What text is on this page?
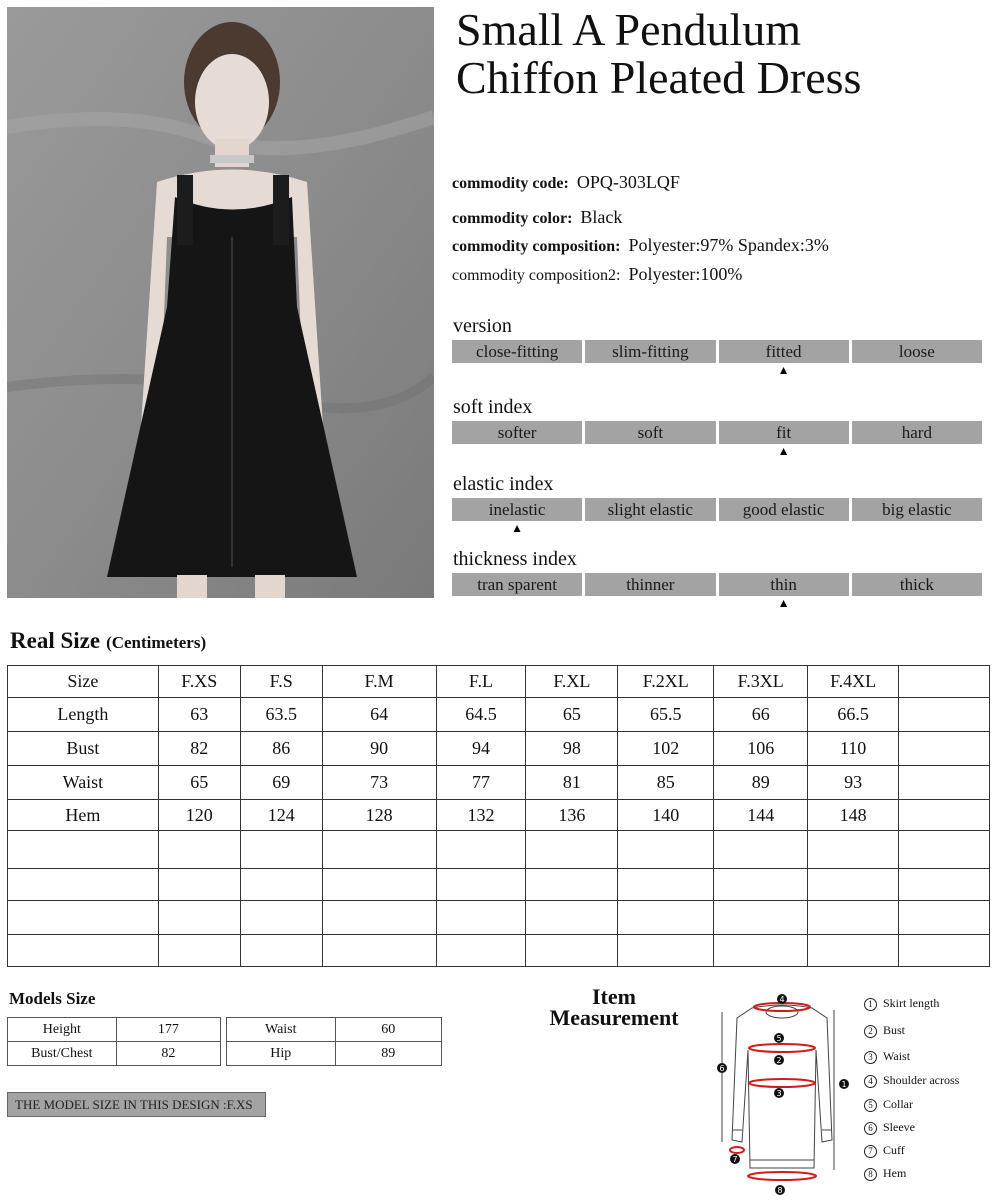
Small A Pendulum
Chiffon Pleated Dress
commodity code: OPQ-303LQF
commodity color: Black
commodity composition: Polyester:97% Spandex:3%
commodity composition2: Polyester:100%
version
close-fitting	slim-fitting	fitted
▲
loose
soft index
softer	soft	fit
▲
hard
elastic index
inelastic
▲
slight elastic	good elastic	big elastic
thickness index
tran sparent	thinner	thin
▲
thick
Real Size (Centimeters)
Size	F.XS	F.S	F.M	F.L	F.XL	F.2XL	F.3XL	F.4XL	
Length	63	63.5	64	64.5	65	65.5	66	66.5	
Bust	82	86	90	94	98	102	106	110	
Waist	65	69	73	77	81	85	89	93	
Hem	120	124	128	132	136	140	144	148	

Models Size
Height	177
Bust/Chest	82
Waist	60
Hip	89
THE MODEL SIZE IN THIS DESIGN :F.XS
Item
Measurement
4
5
2
3
1
6
7
8
1 Skirt length
2 Bust
3 Waist
4 Shoulder across
5 Collar
6 Sleeve
7 Cuff
8 Hem
